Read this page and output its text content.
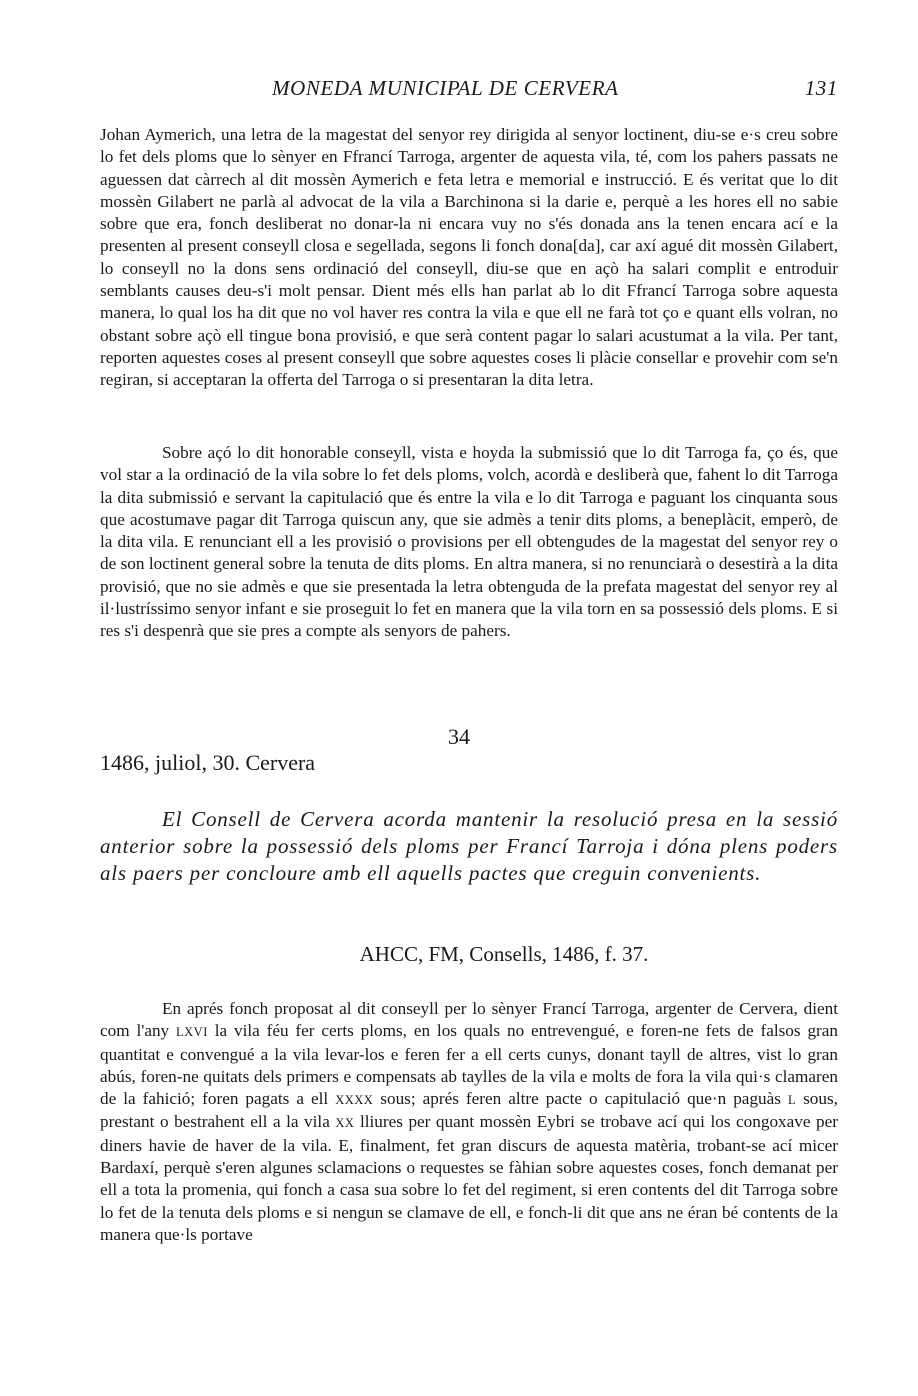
MONEDA MUNICIPAL DE CERVERA	131

Johan Aymerich, una letra de la magestat del senyor rey dirigida al senyor loctinent, diu-se e·s creu sobre lo fet dels ploms que lo sènyer en Ffrancí Tarroga, argenter de aquesta vila, té, com los pahers passats ne aguessen dat càrrech al dit mossèn Aymerich e feta letra e memorial e instrucció. E és veritat que lo dit mossèn Gilabert ne parlà al advocat de la vila a Barchinona si la darie e, perquè a les hores ell no sabie sobre que era, fonch desliberat no donar-la ni encara vuy no s'és donada ans la tenen encara ací e la presenten al present conseyll closa e segellada, segons li fonch dona[da], car axí agué dit mossèn Gilabert, lo conseyll no la dons sens ordinació del conseyll, diu-se que en açò ha salari complit e entroduir semblants causes deu-s'i molt pensar. Dient més ells han parlat ab lo dit Ffrancí Tarroga sobre aquesta manera, lo qual los ha dit que no vol haver res contra la vila e que ell ne farà tot ço e quant ells volran, no obstant sobre açò ell tingue bona provisió, e que serà content pagar lo salari acustumat a la vila. Per tant, reporten aquestes coses al present conseyll que sobre aquestes coses li plàcie consellar e provehir com se'n regiran, si acceptaran la offerta del Tarroga o si presentaran la dita letra.

Sobre açó lo dit honorable conseyll, vista e hoyda la submissió que lo dit Tarroga fa, ço és, que vol star a la ordinació de la vila sobre lo fet dels ploms, volch, acordà e desliberà que, fahent lo dit Tarroga la dita submissió e servant la capitulació que és entre la vila e lo dit Tarroga e paguant los cinquanta sous que acostumave pagar dit Tarroga quiscun any, que sie admès a tenir dits ploms, a beneplàcit, emperò, de la dita vila. E renunciant ell a les provisió o provisions per ell obtengudes de la magestat del senyor rey o de son loctinent general sobre la tenuta de dits ploms. En altra manera, si no renunciarà o desestirà a la dita provisió, que no sie admès e que sie presentada la letra obtenguda de la prefata magestat del senyor rey al il·lustríssimo senyor infant e sie proseguit lo fet en manera que la vila torn en sa possessió dels ploms. E si res s'i despenrà que sie pres a compte als senyors de pahers.

34
1486, juliol, 30. Cervera

El Consell de Cervera acorda mantenir la resolució presa en la sessió anterior sobre la possessió dels ploms per Francí Tarroja i dóna plens poders als paers per concloure amb ell aquells pactes que creguin convenients.

AHCC, FM, Consells, 1486, f. 37.

En aprés fonch proposat al dit conseyll per lo sènyer Francí Tarroga, argenter de Cervera, dient com l'any LXVI la vila féu fer certs ploms, en los quals no entrevengué, e foren-ne fets de falsos gran quantitat e convengué a la vila levar-los e feren fer a ell certs cunys, donant tayll de altres, vist lo gran abús, foren-ne quitats dels primers e compensats ab taylles de la vila e molts de fora la vila qui·s clamaren de la fahició; foren pagats a ell XXXX sous; aprés feren altre pacte o capitulació que·n paguàs L sous, prestant o bestrahent ell a la vila XX lliures per quant mossèn Eybri se trobave ací qui los congoxave per diners havie de haver de la vila. E, finalment, fet gran discurs de aquesta matèria, trobant-se ací micer Bardaxí, perquè s'eren algunes sclamacions o requestes se fàhian sobre aquestes coses, fonch demanat per ell a tota la promenia, qui fonch a casa sua sobre lo fet del regiment, si eren contents del dit Tarroga sobre lo fet de la tenuta dels ploms e si nengun se clamave de ell, e fonch-li dit que ans ne éran bé contents de la manera que·ls portave
